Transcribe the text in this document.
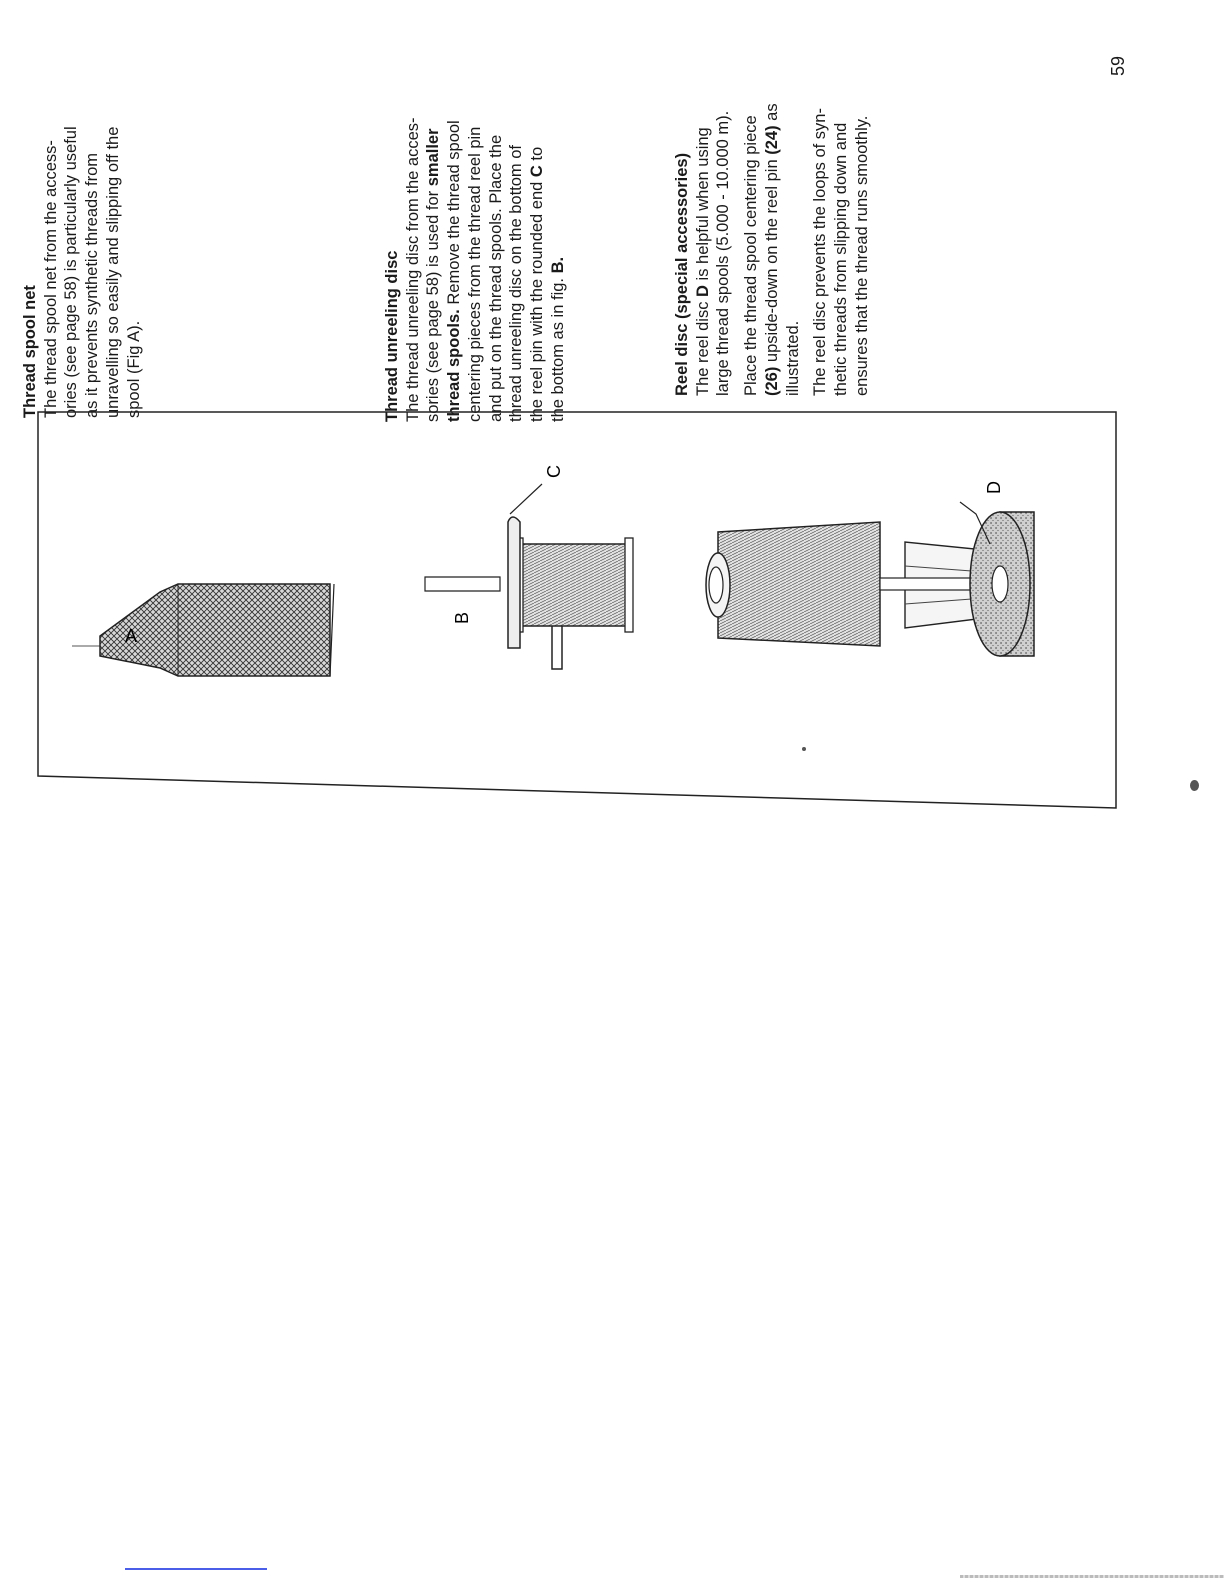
Thread spool net The thread spool net from the access- ories (see page 58) is particularly useful as it prevents synthetic threads from unravelling so easily and slipping off the spool (Fig A).	Thread unreeling disc The thread unreeling disc from the acces- sories (see page 58) is used for smaller
thread spools. Remove the thread spool centering pieces from the thread reel pin and put on the thread spools. Place the thread unreeling disc on the bottom of the reel pin with the rounded end C to
the bottom as in fig. B.	Reel disc (special accessories) The reel disc D is helpful when using large thread spools (5.000 - 10.000 m). Place the thread spool centering piece (26) upside-down on the reel pin (24) as
illustrated. The reel disc prevents the loops of syn- thetic threads from slipping down and ensures that the thread runs smoothly.

59
A
B
C
D
